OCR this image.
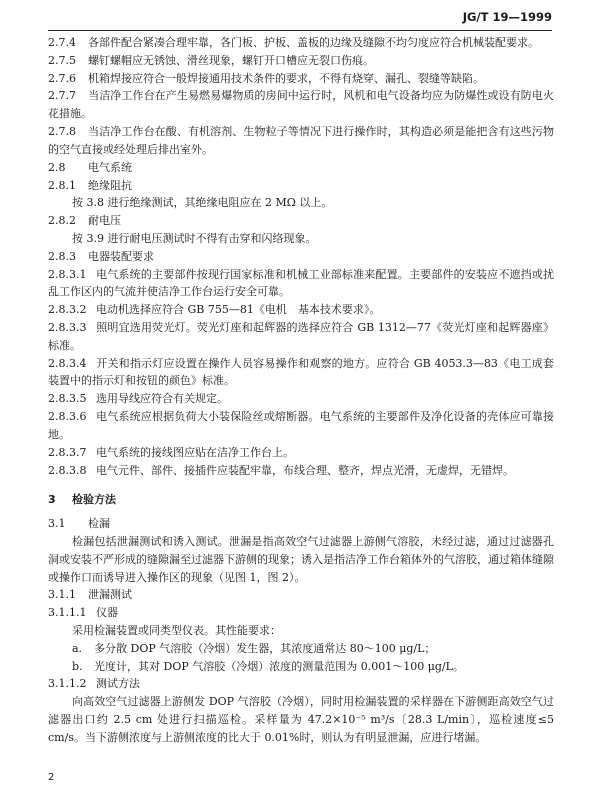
JG/T 19—1999
2.7.4	各部件配合紧凑合理牢靠，各门板、护板、盖板的边缘及缝隙不均匀度应符合机械装配要求。
2.7.5	螺钉螺帽应无锈蚀、滑丝现象，螺钉开口槽应无裂口伤痕。
2.7.6	机箱焊接应符合一般焊接通用技术条件的要求，不得有烧穿、漏孔、裂缝等缺陷。
2.7.7 当洁净工作台在产生易燃易爆物质的房间中运行时，风机和电气设备均应为防爆性或设有防电火花措施。
2.7.8 当洁净工作台在酸、有机溶剂、生物粒子等情况下进行操作时，其构造必须是能把含有这些污物的空气直接或经处理后排出室外。
2.8 电气系统
2.8.1 绝缘阻抗
按 3.8 进行绝缘测试，其绝缘电阻应在 2 MΩ 以上。
2.8.2 耐电压
按 3.9 进行耐电压测试时不得有击穿和闪络现象。
2.8.3 电器装配要求
2.8.3.1 电气系统的主要部件按现行国家标准和机械工业部标准来配置。主要部件的安装应不遮挡或扰乱工作区内的气流并使洁净工作台运行安全可靠。
2.8.3.2 电动机选择应符合 GB 755—81《电机　基本技术要求》。
2.8.3.3 照明宜选用荧光灯。荧光灯座和起辉器的选择应符合 GB 1312—77《荧光灯座和起辉器座》标准。
2.8.3.4 开关和指示灯应设置在操作人员容易操作和观察的地方。应符合 GB 4053.3—83《电工成套装置中的指示灯和按钮的颜色》标准。
2.8.3.5 选用导线应符合有关规定。
2.8.3.6 电气系统应根据负荷大小装保险丝或熔断器。电气系统的主要部件及净化设备的壳体应可靠接地。
2.8.3.7 电气系统的接线图应贴在洁净工作台上。
2.8.3.8 电气元件、部件、接插件应装配牢靠，布线合理、整齐，焊点光滑，无虚焊，无错焊。
3 检验方法
3.1 检漏
检漏包括泄漏测试和诱入测试。泄漏是指高效空气过滤器上游侧气溶胶，未经过滤，通过过滤器孔洞或安装不严形成的缝隙漏至过滤器下游侧的现象；诱入是指洁净工作台箱体外的气溶胶，通过箱体缝隙或操作口而诱导进入操作区的现象（见图 1，图 2）。
3.1.1 泄漏测试
3.1.1.1 仪器
采用检漏装置或同类型仪表。其性能要求：
a.	多分散 DOP 气溶胶（冷烟）发生器，其浓度通常达 80～100 μg/L；
b.	光度计，其对 DOP 气溶胶（冷烟）浓度的测量范围为 0.001～100 μg/L。
3.1.1.2 测试方法
向高效空气过滤器上游侧发 DOP 气溶胶（冷烟），同时用检漏装置的采样器在下游侧距高效空气过滤器出口约 2.5 cm 处进行扫描巡检。采样量为 47.2×10⁻⁵ m³/s〔28.3 L/min〕，巡检速度≤5 cm/s。当下游侧浓度与上游侧浓度的比大于 0.01%时，则认为有明显泄漏，应进行堵漏。
2
